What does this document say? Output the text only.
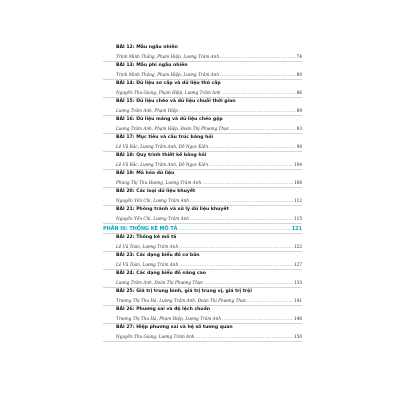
BÀI 12: Mẫu ngẫu nhiên
Trịnh Minh Thắng, Phạm Hiệp, Lương Trâm Anh .....	74
BÀI 13: Mẫu phi ngẫu nhiên
Trịnh Minh Thắng, Phạm Hiệp, Lương Trâm Anh .....	80
BÀI 14: Dữ liệu sơ cấp và dữ liệu thứ cấp
Nguyễn Thu Giang, Phạm Hiệp, Lương Trâm Anh .....	86
BÀI 15: Dữ liệu chéo và dữ liệu chuỗi thời gian
Lương Trâm Anh, Phạm Hiệp .....	89
BÀI 16: Dữ liệu mảng và dữ liệu chéo gộp
Lương Trâm Anh, Phạm Hiệp, Đoàn Thị Phương Thực .....	93
BÀI 17: Mục tiêu và cấu trúc bảng hỏi
Lê Vũ Bắc, Lương Trâm Anh, Đỗ Ngọc Kiên .....	98
BÀI 18: Quy trình thiết kế bảng hỏi
Lê Vũ Bắc, Lương Trâm Anh, Đỗ Ngọc Kiên .....	104
BÀI 19: Mã hóa dữ liệu
Phùng Thị Thu Hương, Lương Trâm Anh .....	108
BÀI 20: Các loại dữ liệu khuyết
Nguyễn Yến Chi, Lương Trâm Anh .....	112
BÀI 21: Phòng tránh và xử lý dữ liệu khuyết
Nguyễn Yến Chi, Lương Trâm Anh .....	115
PHẦN III: THỐNG KÊ MÔ TẢ .....	121
BÀI 22: Thống kê mô tả
Lê Vũ Toàn, Lương Trâm Anh .....	122
BÀI 23: Các dạng biểu đồ cơ bản
Lê Vũ Toàn, Lương Trâm Anh .....	127
BÀI 24: Các dạng biểu đồ nâng cao
Lương Trâm Anh, Đoàn Thị Phương Thực .....	133
BÀI 25: Giá trị trung bình, giá trị trung vị, giá trị trội
Trương Thị Thu Hà, Lương Trâm Anh, Đoàn Thị Phương Thực .....	141
BÀI 26: Phương sai và độ lệch chuẩn
Trương Thị Thu Hà, Phạm Hiệp, Lương Trâm Anh .....	146
BÀI 27: Hiệp phương sai và hệ số tương quan
Nguyễn Thu Giang, Lương Trâm Anh .....	150
